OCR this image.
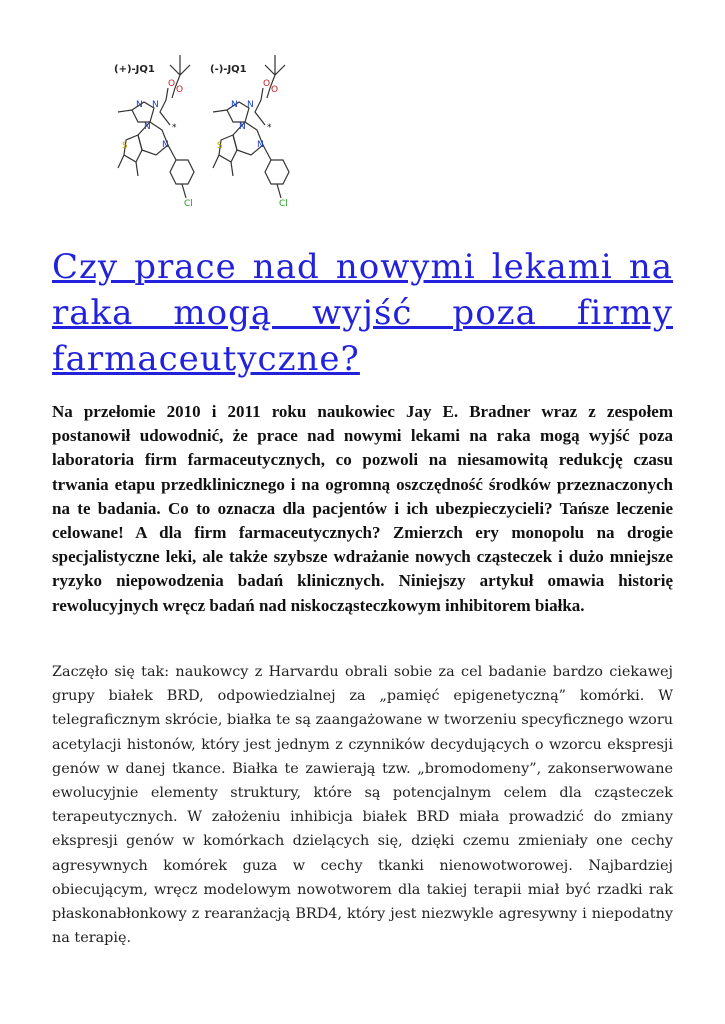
(+)-JQ1	(-)-JQ1
N N
N
N
O
O
S
Cl
*
N N
N
N
O
O
S
Cl
*
Czy prace nad nowymi lekami na raka mogą wyjść poza firmy farmaceutyczne?

Na przełomie 2010 i 2011 roku naukowiec Jay E. Bradner wraz z zespołem postanowił udowodnić, że prace nad nowymi lekami na raka mogą wyjść poza laboratoria firm farmaceutycznych, co pozwoli na niesamowitą redukcję czasu trwania etapu przedklinicznego i na ogromną oszczędność środków przeznaczonych na te badania. Co to oznacza dla pacjentów i ich ubezpieczycieli? Tańsze leczenie celowane! A dla firm farmaceutycznych? Zmierzch ery monopolu na drogie specjalistyczne leki, ale także szybsze wdrażanie nowych cząsteczek i dużo mniejsze ryzyko niepowodzenia badań klinicznych. Niniejszy artykuł omawia historię rewolucyjnych wręcz badań nad niskocząsteczkowym inhibitorem białka.

Zaczęło się tak: naukowcy z Harvardu obrali sobie za cel badanie bardzo ciekawej grupy białek BRD, odpowiedzialnej za „pamięć epigenetyczną” komórki. W telegraficznym skrócie, białka te są zaangażowane w tworzeniu specyficznego wzoru acetylacji histonów, który jest jednym z czynników decydujących o wzorcu ekspresji genów w danej tkance. Białka te zawierają tzw. „bromodomeny”, zakonserwowane ewolucyjnie elementy struktury, które są potencjalnym celem dla cząsteczek terapeutycznych. W założeniu inhibicja białek BRD miała prowadzić do zmiany ekspresji genów w komórkach dzielących się, dzięki czemu zmieniały one cechy agresywnych komórek guza w cechy tkanki nienowotworowej. Najbardziej obiecującym, wręcz modelowym nowotworem dla takiej terapii miał być rzadki rak płaskonabłonkowy z rearanżacją BRD4, który jest niezwykle agresywny i niepodatny na terapię.
